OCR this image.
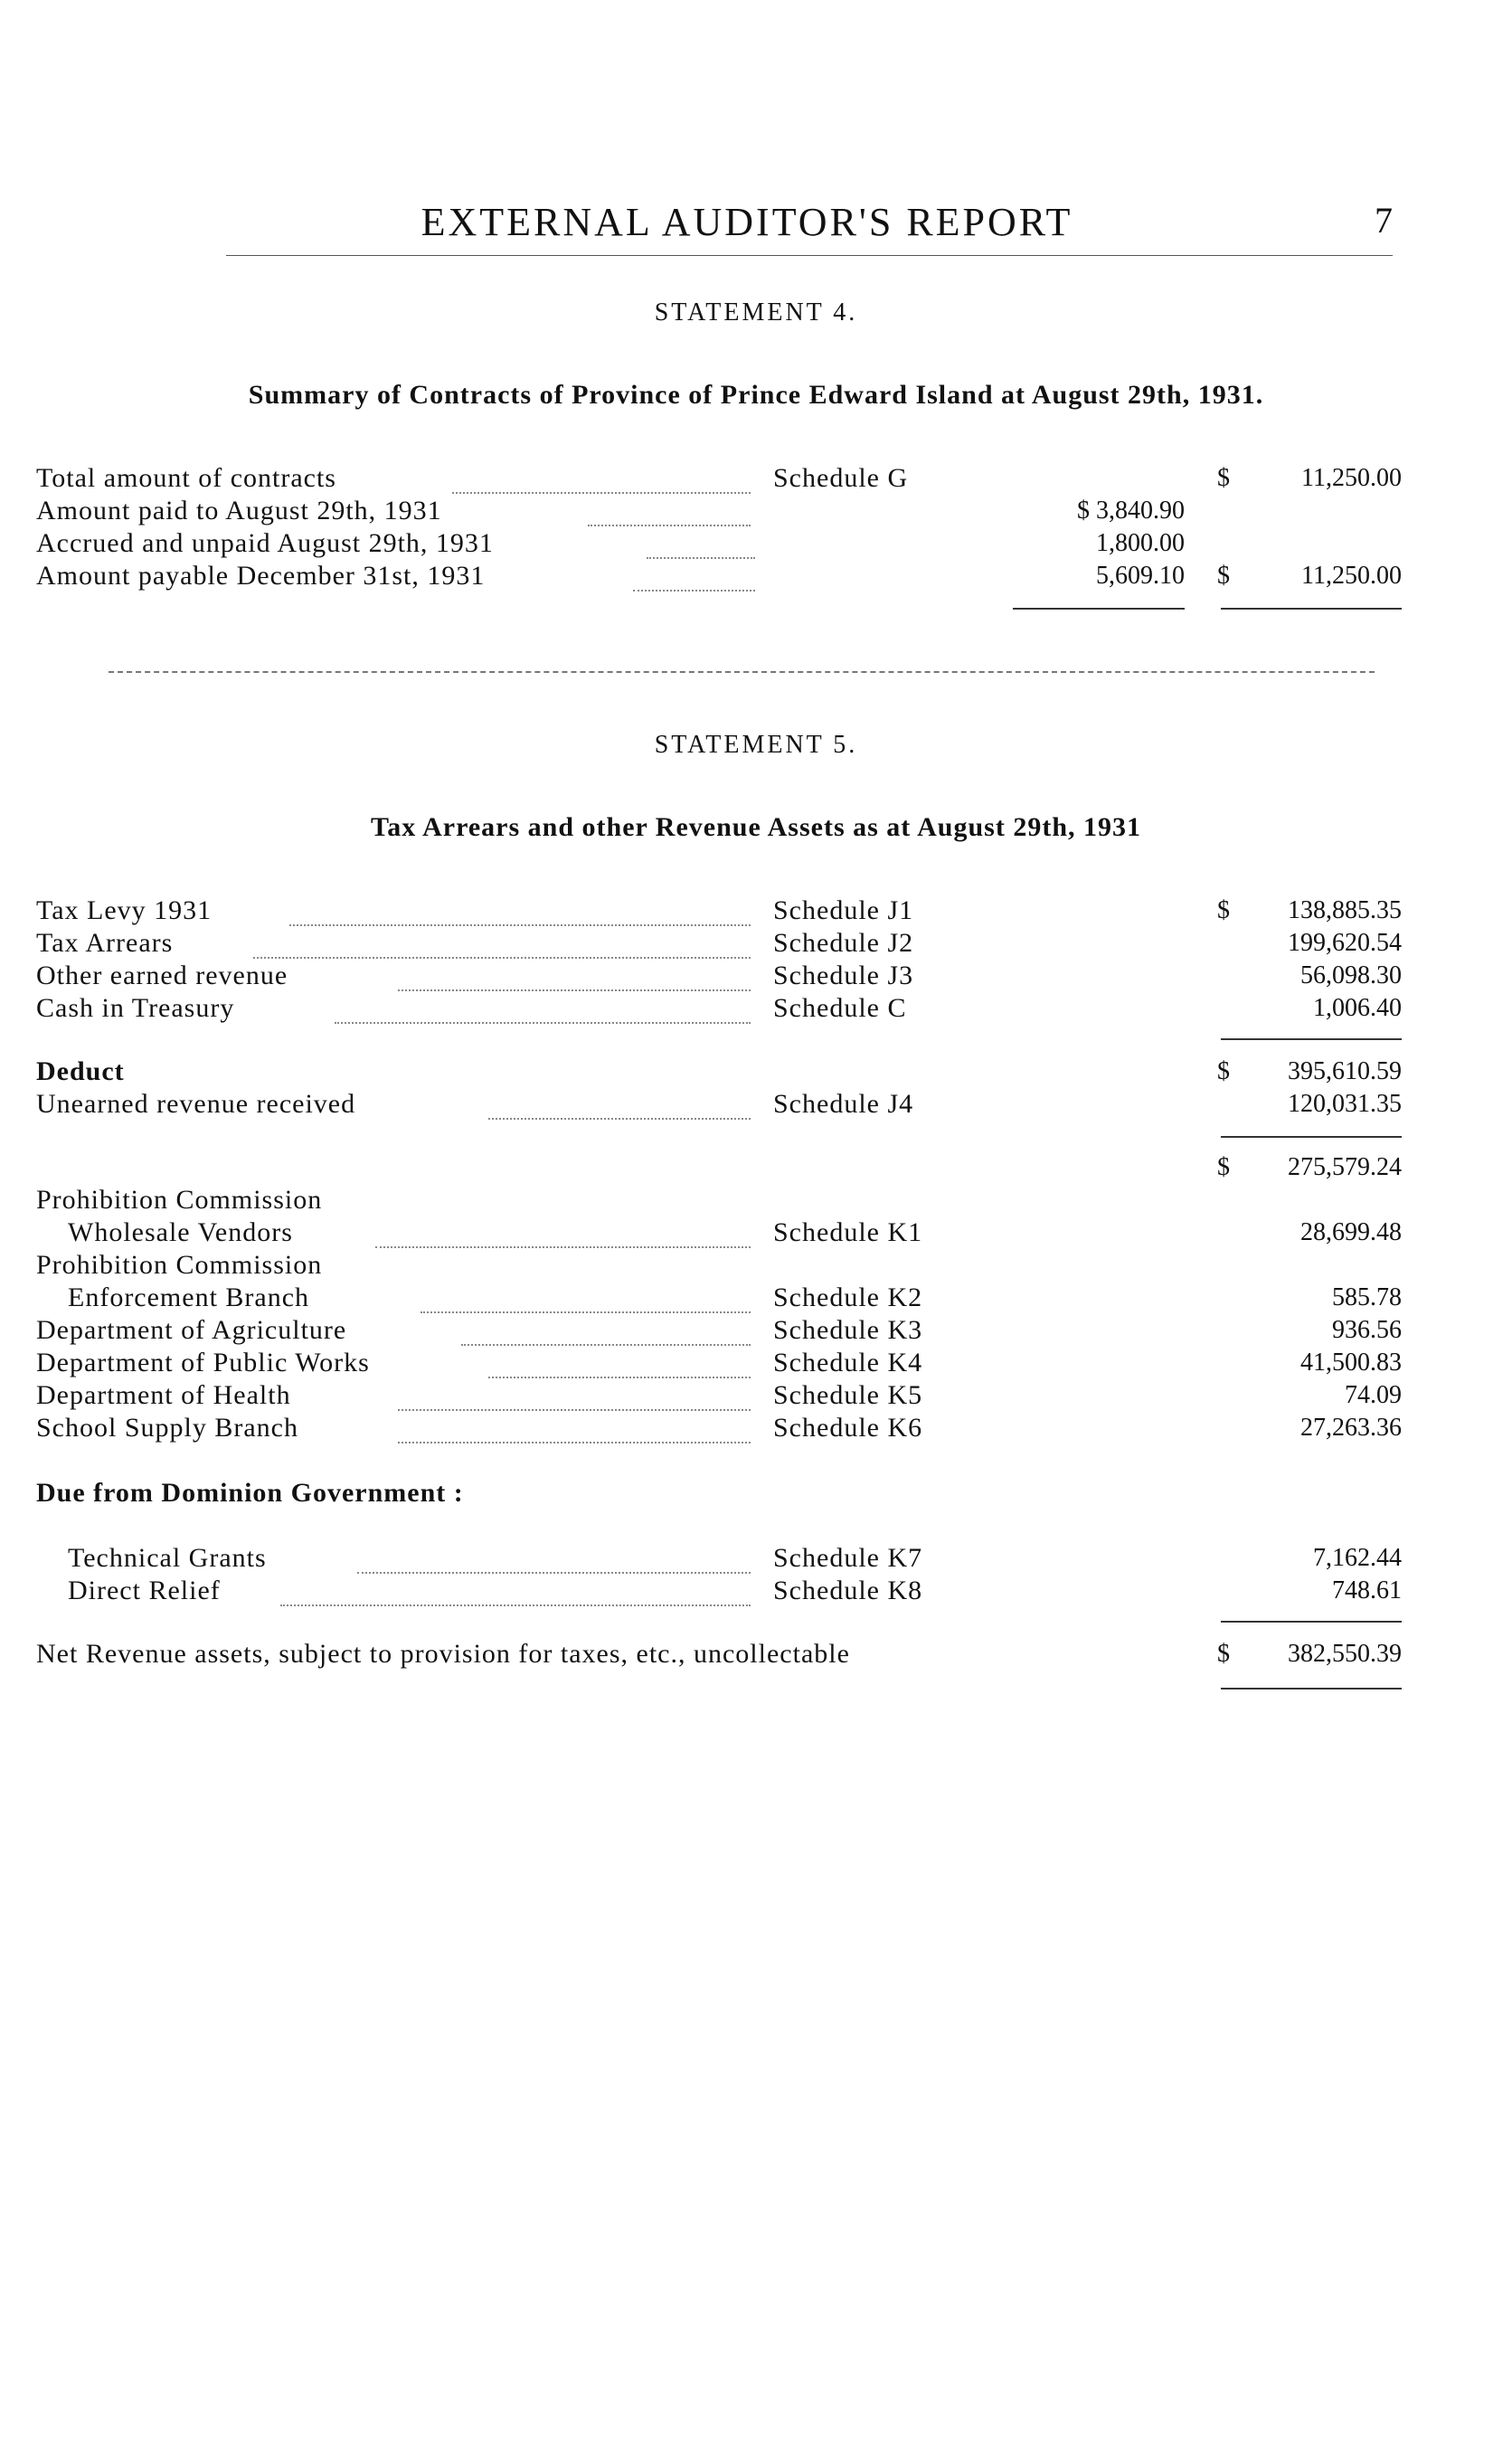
EXTERNAL AUDITOR'S REPORT	7
STATEMENT 4.
Summary of Contracts of Province of Prince Edward Island at August 29th, 1931.
Total amount of contracts	Schedule G	$	11,250.00
Amount paid to August 29th, 1931	$ 3,840.90
Accrued and unpaid August 29th, 1931	1,800.00
Amount payable December 31st, 1931	5,609.10 $	11,250.00
STATEMENT 5.
Tax Arrears and other Revenue Assets as at August 29th, 1931
Tax Levy 1931	Schedule J1	$	138,885.35
Tax Arrears	Schedule J2	199,620.54
Other earned revenue	Schedule J3	56,098.30
Cash in Treasury	Schedule C	1,006.40
Deduct	$	395,610.59
Unearned revenue received	Schedule J4	120,031.35
$	275,579.24
Prohibition Commission
Wholesale Vendors	Schedule K1	28,699.48
Prohibition Commission
Enforcement Branch	Schedule K2	585.78
Department of Agriculture	Schedule K3	936.56
Department of Public Works	Schedule K4	41,500.83
Department of Health	Schedule K5	74.09
School Supply Branch	Schedule K6	27,263.36
Due from Dominion Government :
Technical Grants	Schedule K7	7,162.44
Direct Relief	Schedule K8	748.61
Net Revenue assets, subject to provision for taxes, etc., uncollectable	$	382,550.39
